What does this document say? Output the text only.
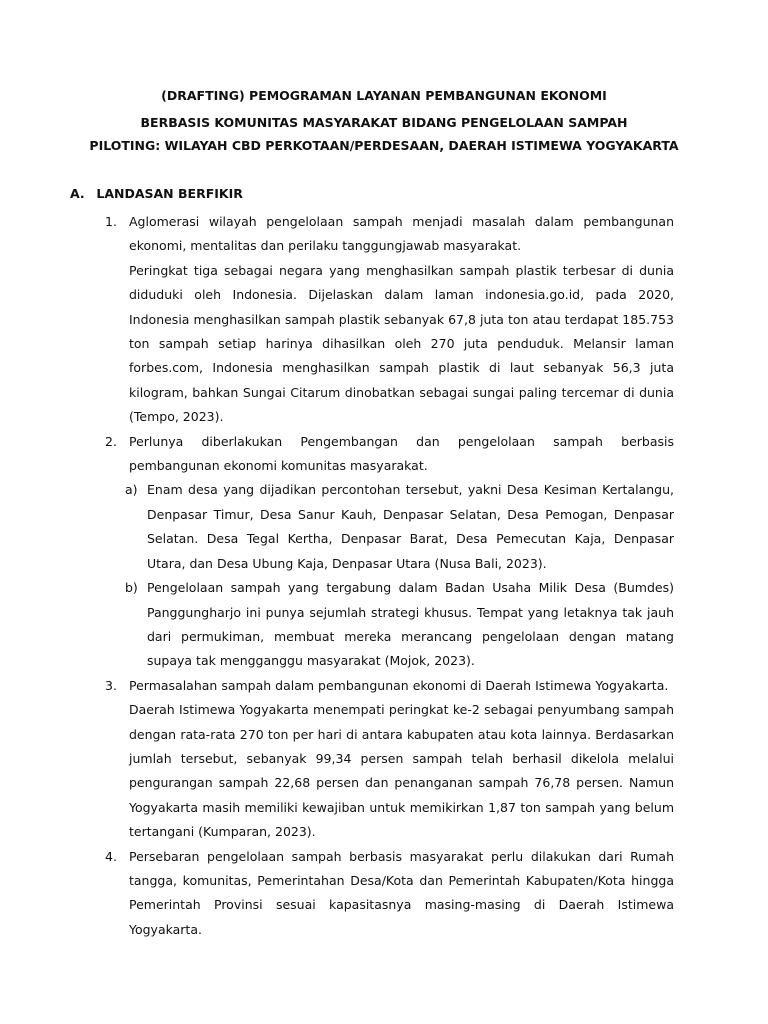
(DRAFTING) PEMOGRAMAN LAYANAN PEMBANGUNAN EKONOMI
BERBASIS KOMUNITAS MASYARAKAT BIDANG PENGELOLAAN SAMPAH
PILOTING: WILAYAH CBD PERKOTAAN/PERDESAAN, DAERAH ISTIMEWA YOGYAKARTA
A. LANDASAN BERFIKIR
1. Aglomerasi wilayah pengelolaan sampah menjadi masalah dalam pembangunan ekonomi, mentalitas dan perilaku tanggungjawab masyarakat.

Peringkat tiga sebagai negara yang menghasilkan sampah plastik terbesar di dunia diduduki oleh Indonesia. Dijelaskan dalam laman indonesia.go.id, pada 2020, Indonesia menghasilkan sampah plastik sebanyak 67,8 juta ton atau terdapat 185.753 ton sampah setiap harinya dihasilkan oleh 270 juta penduduk. Melansir laman forbes.com, Indonesia menghasilkan sampah plastik di laut sebanyak 56,3 juta kilogram, bahkan Sungai Citarum dinobatkan sebagai sungai paling tercemar di dunia (Tempo, 2023).

2. Perlunya diberlakukan Pengembangan dan pengelolaan sampah berbasis pembangunan ekonomi komunitas masyarakat.

a) Enam desa yang dijadikan percontohan tersebut, yakni Desa Kesiman Kertalangu, Denpasar Timur, Desa Sanur Kauh, Denpasar Selatan, Desa Pemogan, Denpasar Selatan. Desa Tegal Kertha, Denpasar Barat, Desa Pemecutan Kaja, Denpasar Utara, dan Desa Ubung Kaja, Denpasar Utara (Nusa Bali, 2023).

b) Pengelolaan sampah yang tergabung dalam Badan Usaha Milik Desa (Bumdes) Panggungharjo ini punya sejumlah strategi khusus. Tempat yang letaknya tak jauh dari permukiman, membuat mereka merancang pengelolaan dengan matang supaya tak mengganggu masyarakat (Mojok, 2023).

3. Permasalahan sampah dalam pembangunan ekonomi di Daerah Istimewa Yogyakarta.

Daerah Istimewa Yogyakarta menempati peringkat ke-2 sebagai penyumbang sampah dengan rata-rata 270 ton per hari di antara kabupaten atau kota lainnya. Berdasarkan jumlah tersebut, sebanyak 99,34 persen sampah telah berhasil dikelola melalui pengurangan sampah 22,68 persen dan penanganan sampah 76,78 persen. Namun Yogyakarta masih memiliki kewajiban untuk memikirkan 1,87 ton sampah yang belum tertangani (Kumparan, 2023).

4. Persebaran pengelolaan sampah berbasis masyarakat perlu dilakukan dari Rumah tangga, komunitas, Pemerintahan Desa/Kota dan Pemerintah Kabupaten/Kota hingga Pemerintah Provinsi sesuai kapasitasnya masing-masing di Daerah Istimewa Yogyakarta.
